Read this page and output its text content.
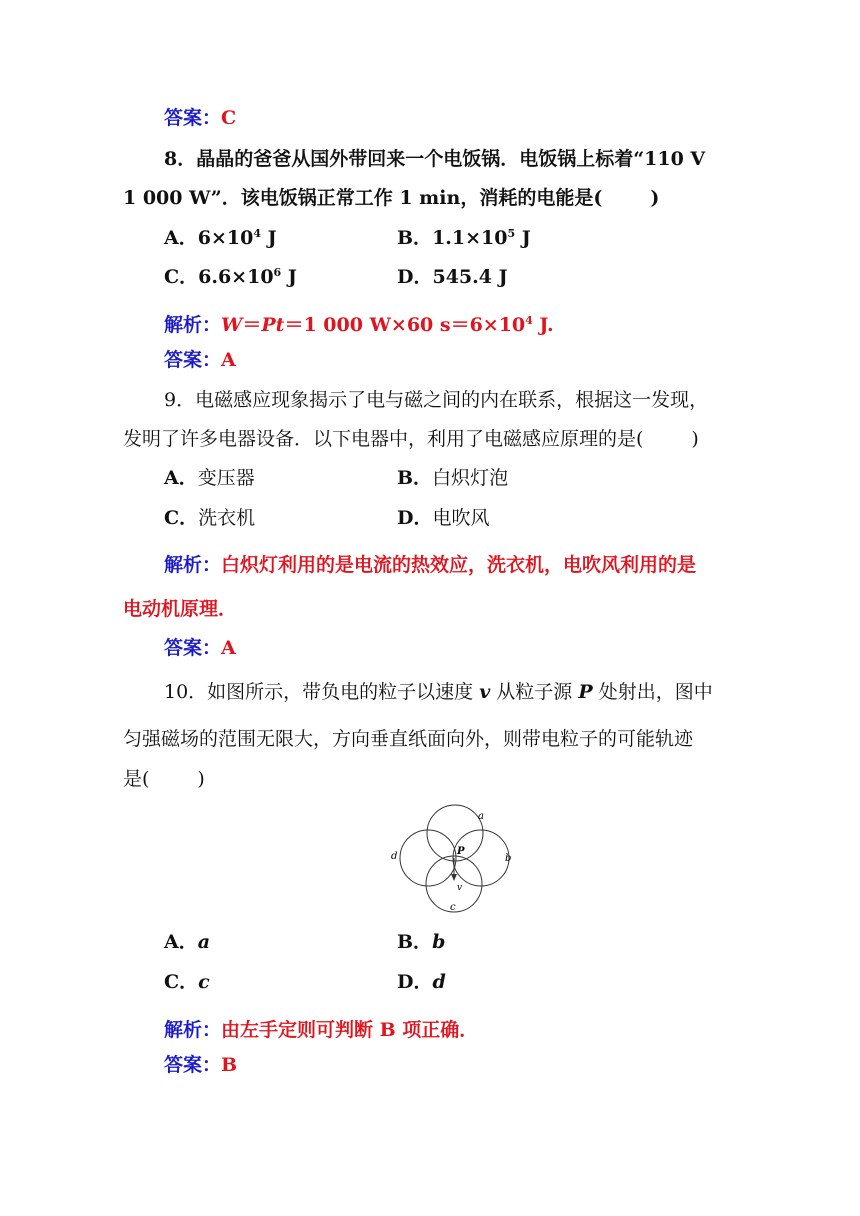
答案：C
8．晶晶的爸爸从国外带回来一个电饭锅．电饭锅上标着“110 V
1 000 W”．该电饭锅正常工作 1 min，消耗的电能是(	)
A．$6\times 10^4$ J	B．$1.1\times 10^5$ J
C．$6.6\times 10^6$ J	D．545.4 J
解析：W＝Pt＝1 000 W×60 $s=6\times 10^4$ J.
答案：A
9．电磁感应现象揭示了电与磁之间的内在联系，根据这一发现，
发明了许多电器设备．以下电器中，利用了电磁感应原理的是(	)
A．变压器	B．白炽灯泡
C．洗衣机	D．电吹风
解析：白炽灯利用的是电流的热效应，洗衣机，电吹风利用的是
电动机原理．
答案：A
10．如图所示，带负电的粒子以速度 v 从粒子源 P 处射出，图中
匀强磁场的范围无限大，方向垂直纸面向外，则带电粒子的可能轨迹
是(	)
a
b
c
d	P
v
A．a	B．b
C．c	D．d
解析：由左手定则可判断 B 项正确．
答案：B
